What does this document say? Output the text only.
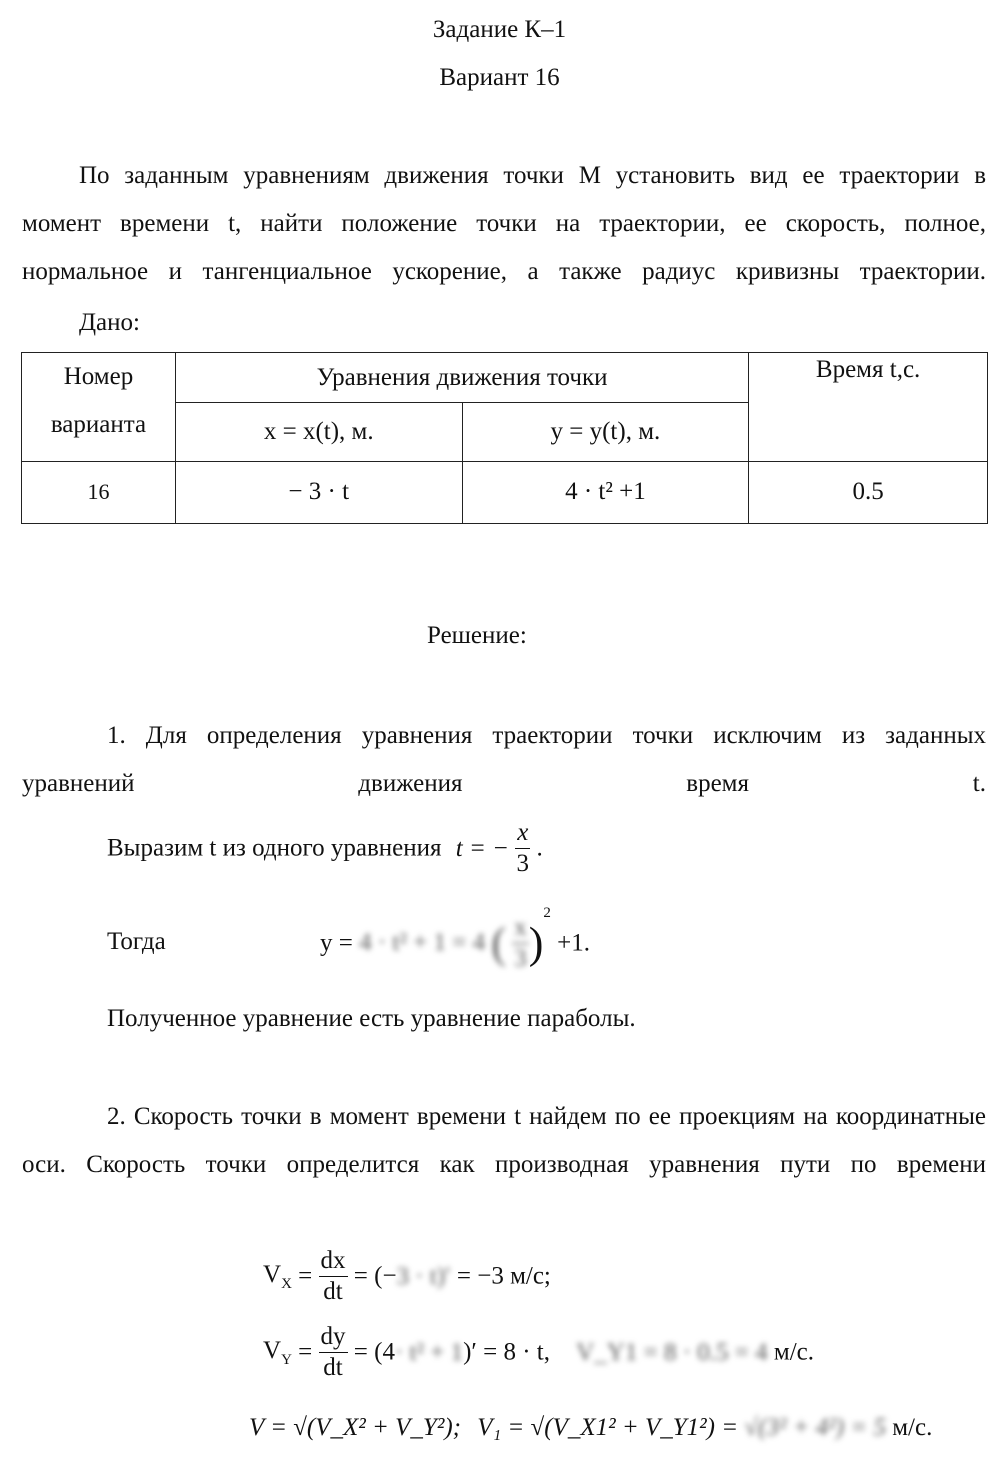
Задание К–1
Вариант 16
По заданным уравнениям движения точки М установить вид ее траектории в момент времени t, найти положение точки на траектории, ее скорость, полное, нормальное и тангенциальное ускорение, а также радиус кривизны траектории.
Дано:
Номер
варианта	Уравнения движения точки		Время t,с.
	x = x(t), м.	y = y(t), м.	
16	− 3 · t	4 · t² +1	0.5
Решение:
1. Для определения уравнения траектории точки исключим из заданных уравнений движения время t.
Выразим t из одного уравнения t = − $\frac{x}{3}$ .
Тогда	y = 4 · t² + 1 = 4 ( $\frac{x}{3} )^2 +1$.
Полученное уравнение есть уравнение параболы.
2. Скорость точки в момент времени t найдем по ее проекциям на координатные оси. Скорость точки определится как производная уравнения пути по времени
$V_X = \frac{dx}{dt} = (-3 \cdot t)' = -3$ м/с;
$V_Y = \frac{dy}{dt} = (4\cdot t^2 + 1)' = 8 \cdot t$, V_Y1 = 8 · 0.5 = 4 м/с.
V = √(V_X² + V_Y²); V₁ = √(V_X1² + V_Y1²) = √(3² + 4²) = 5 м/с.
